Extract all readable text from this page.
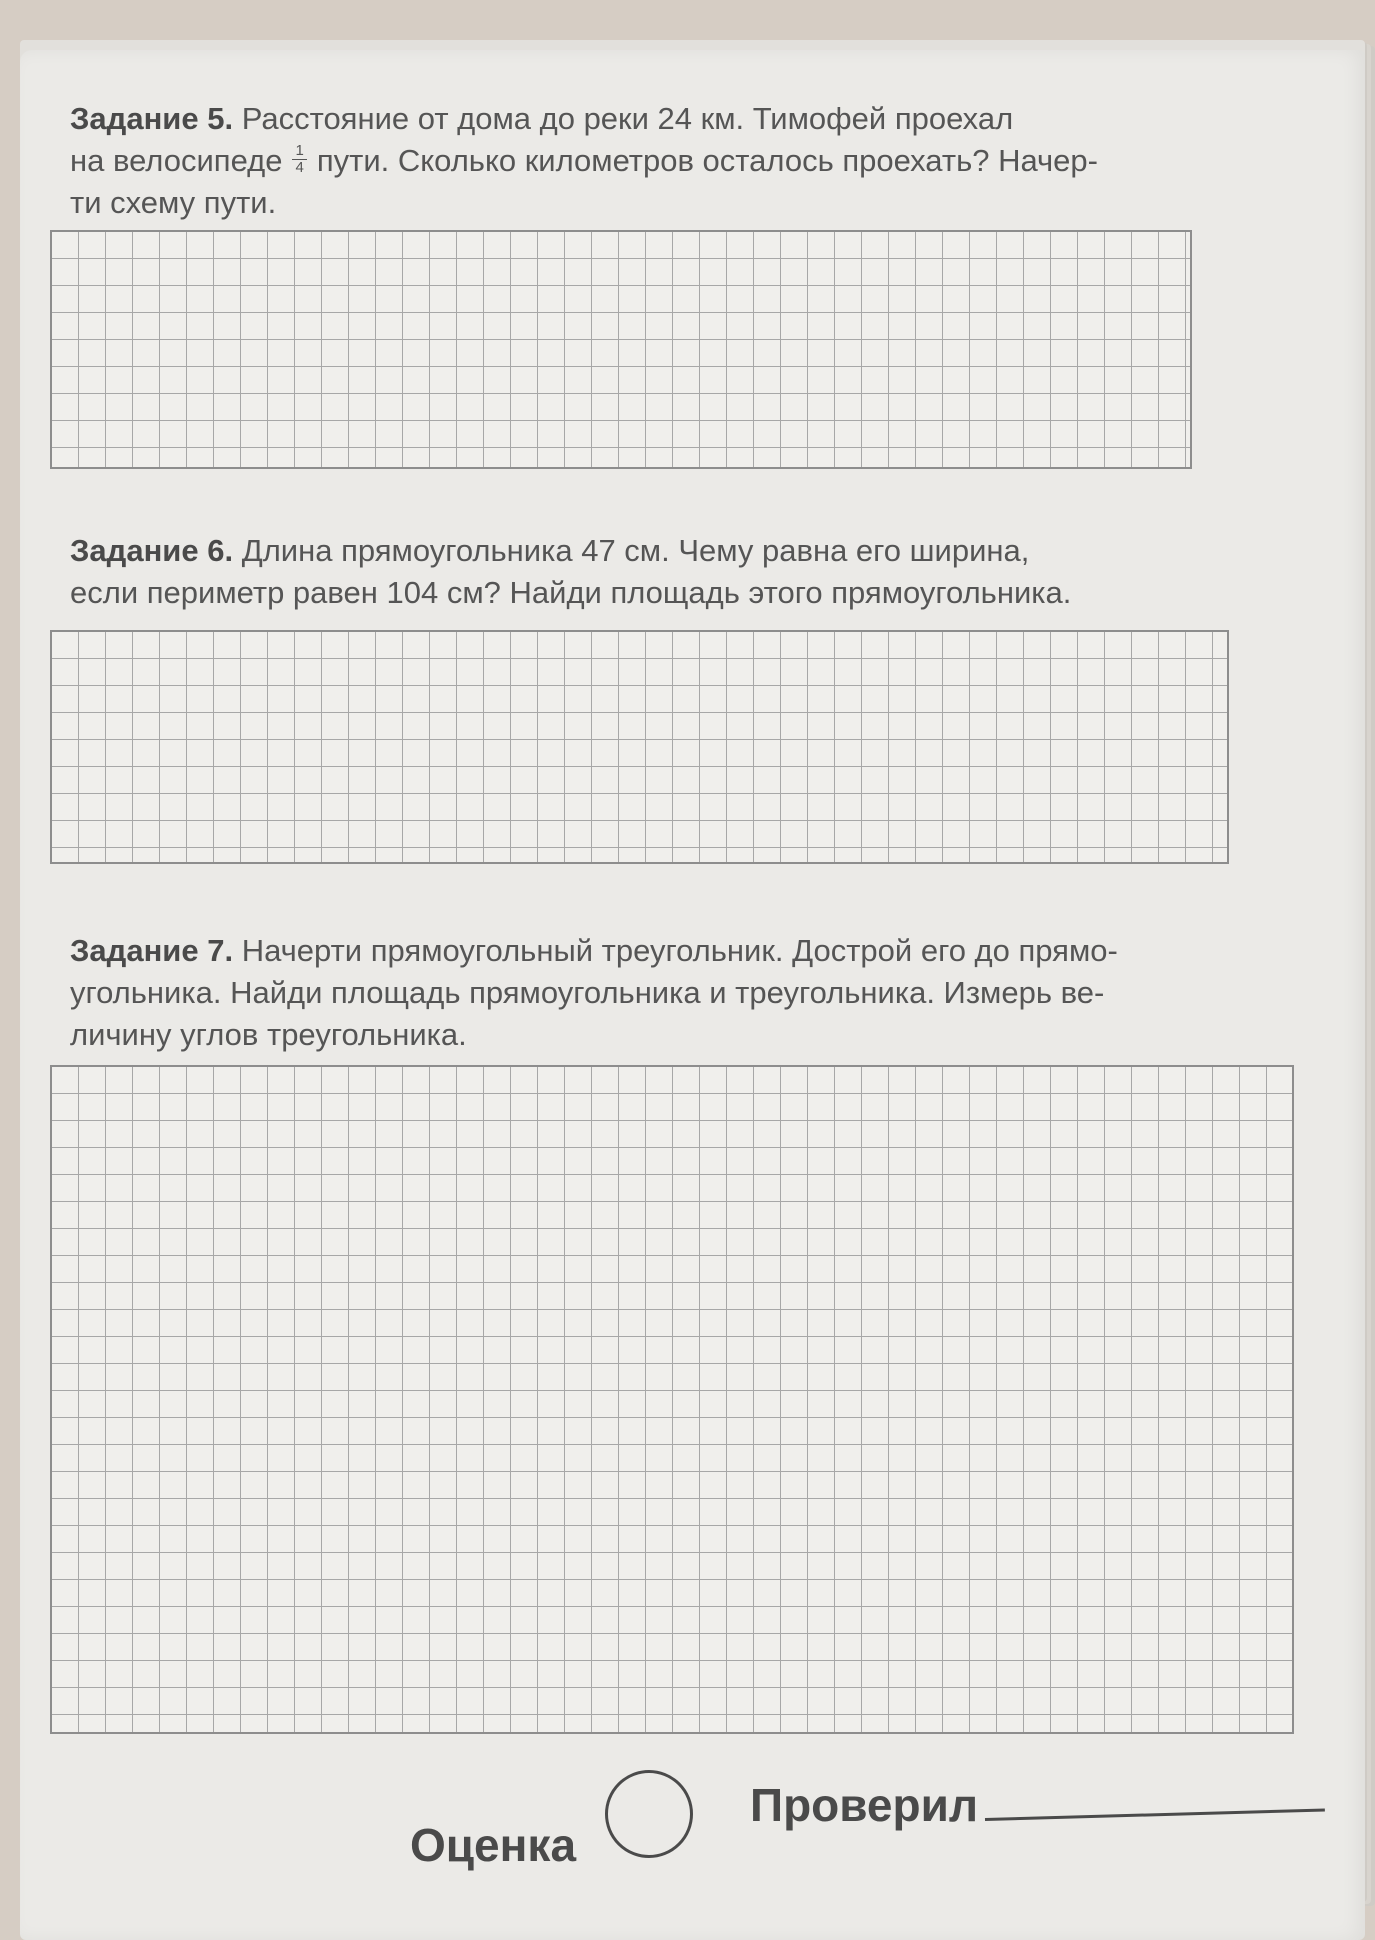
Задание 5. Расстояние от дома до реки 24 км. Тимофей проехал
на велосипеде $\frac{1}{4}$ пути. Сколько километров осталось проехать? Начер-
ти схему пути.
Задание 6. Длина прямоугольника 47 см. Чему равна его ширина,
если периметр равен 104 см? Найди площадь этого прямоугольника.
Задание 7. Начерти прямоугольный треугольник. Дострой его до прямо-
угольника. Найди площадь прямоугольника и треугольника. Измерь ве-
личину углов треугольника.
Оценка
Проверил
